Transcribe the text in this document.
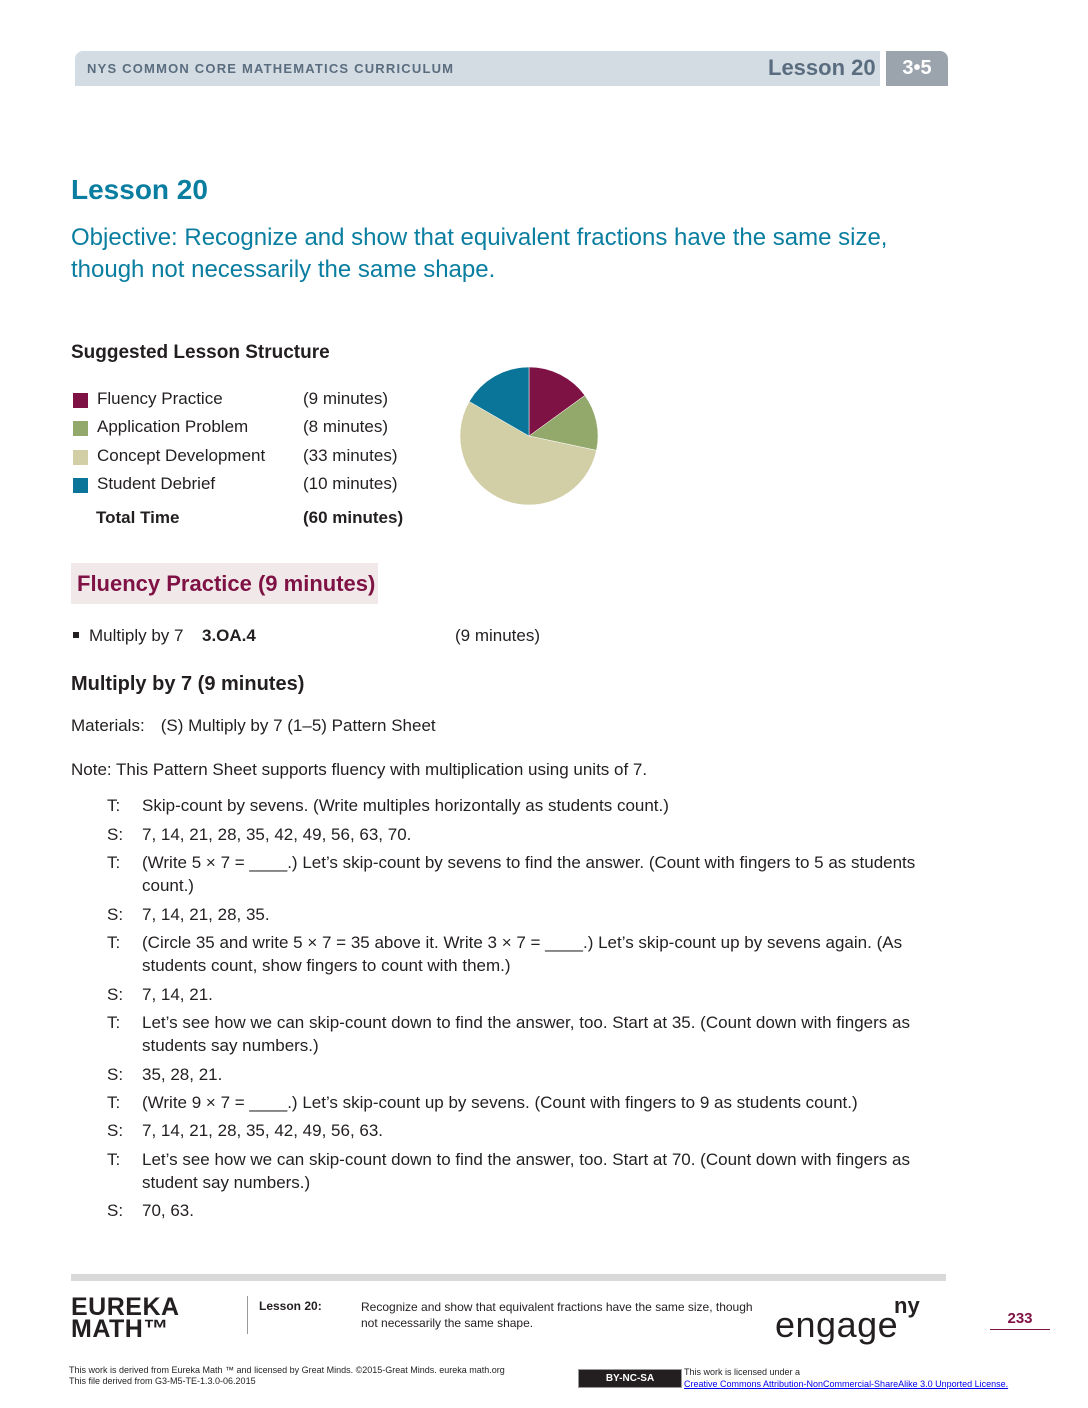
NYS COMMON CORE MATHEMATICS CURRICULUM	Lesson 20	3•5
Lesson 20
Objective: Recognize and show that equivalent fractions have the same size, though not necessarily the same shape.
Suggested Lesson Structure
Fluency Practice	(9 minutes)
Application Problem	(8 minutes)
Concept Development (33 minutes)
Student Debrief	(10 minutes)
Total Time	(60 minutes)
Fluency Practice (9 minutes)
Multiply by 7 3.OA.4	(9 minutes)
Multiply by 7 (9 minutes)
Materials: (S) Multiply by 7 (1–5) Pattern Sheet
Note: This Pattern Sheet supports fluency with multiplication using units of 7.
T: Skip-count by sevens. (Write multiples horizontally as students count.)
S: 7, 14, 21, 28, 35, 42, 49, 56, 63, 70.
T: (Write 5 × 7 = ____.) Let’s skip-count by sevens to find the answer. (Count with fingers to 5 as students count.)
S: 7, 14, 21, 28, 35.
T: (Circle 35 and write 5 × 7 = 35 above it. Write 3 × 7 = ____.) Let’s skip-count up by sevens again. (As students count, show fingers to count with them.)
S: 7, 14, 21.
T: Let’s see how we can skip-count down to find the answer, too. Start at 35. (Count down with fingers as students say numbers.)
S: 35, 28, 21.
T: (Write 9 × 7 = ____.) Let’s skip-count up by sevens. (Count with fingers to 9 as students count.)
S: 7, 14, 21, 28, 35, 42, 49, 56, 63.
T: Let’s see how we can skip-count down to find the answer, too. Start at 70. (Count down with fingers as student say numbers.)
S: 70, 63.
EUREKA
MATH™
Lesson 20:	Recognize and show that equivalent fractions have the same size, though not necessarily the same shape.	engage
ny
233
This work is derived from Eureka Math ™ and licensed by Great Minds. ©2015-Great Minds. eureka math.org
This file derived from G3-M5-TE-1.3.0-06.2015	BY-NC-SA
This work is licensed under a
Creative Commons Attribution-NonCommercial-ShareAlike 3.0 Unported License.
